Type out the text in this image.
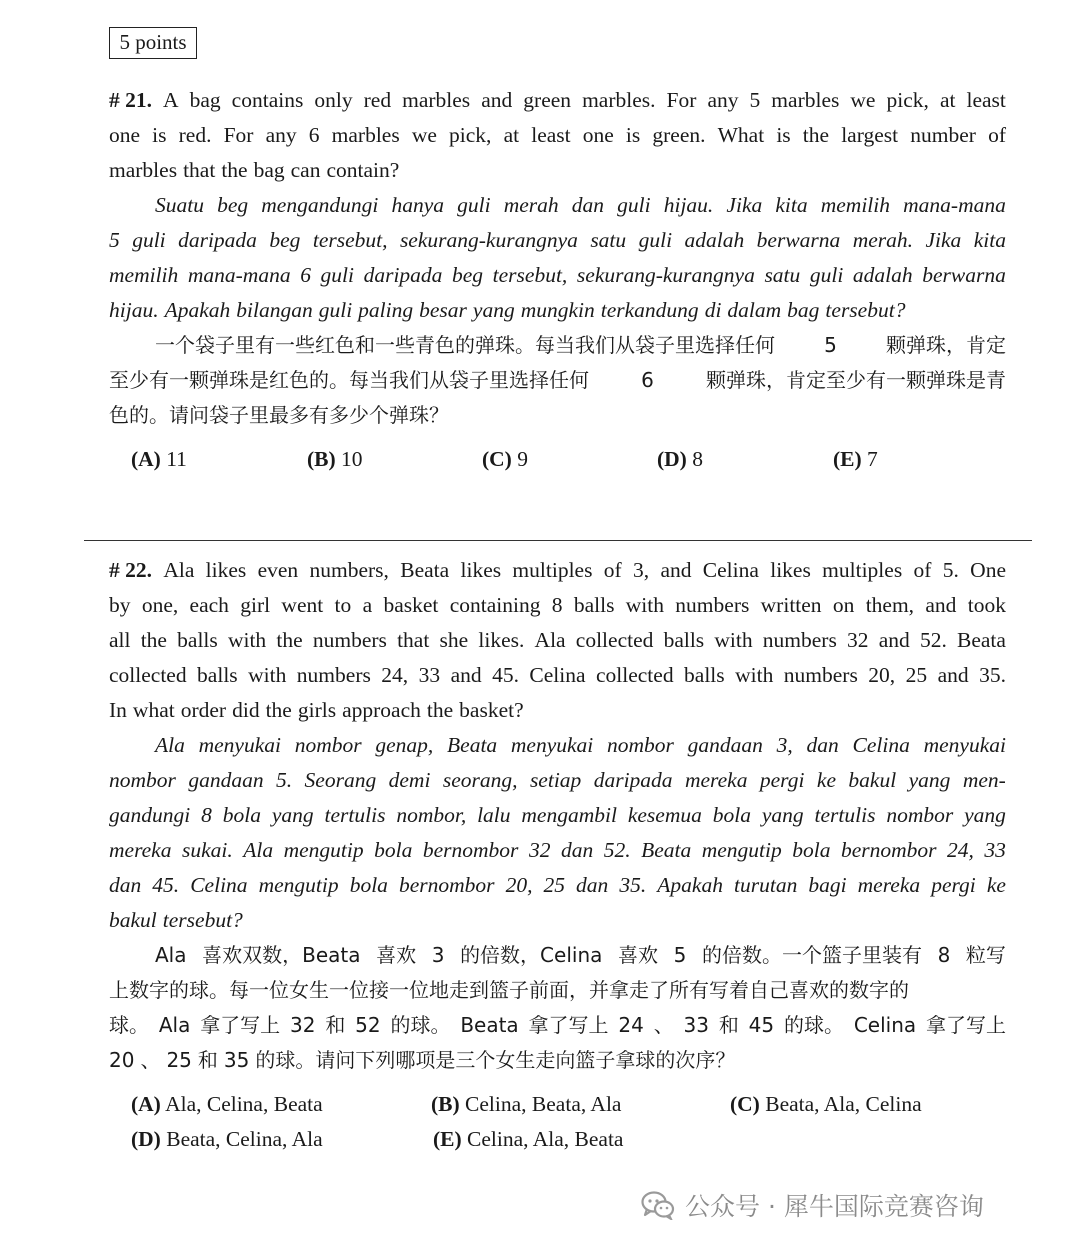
5 points
# 21. A bag contains only red marbles and green marbles. For any 5 marbles we pick, at least
one is red. For any 6 marbles we pick, at least one is green. What is the largest number of
marbles that the bag can contain?
Suatu beg mengandungi hanya guli merah dan guli hijau. Jika kita memilih mana-mana
5 guli daripada beg tersebut, sekurang-kurangnya satu guli adalah berwarna merah. Jika kita
memilih mana-mana 6 guli daripada beg tersebut, sekurang-kurangnya satu guli adalah berwarna
hijau. Apakah bilangan guli paling besar yang mungkin terkandung di dalam bag tersebut?
一个袋子里有一些红色和一些青色的弹珠。每当我们从袋子里选择任何 5 颗弹珠，肯定
至少有一颗弹珠是红色的。每当我们从袋子里选择任何	6	颗弹珠，肯定至少有一颗弹珠是青
色的。请问袋子里最多有多少个弹珠？
# 22. Ala likes even numbers, Beata likes multiples of 3, and Celina likes multiples of 5. One
by one, each girl went to a basket containing 8 balls with numbers written on them, and took
all the balls with the numbers that she likes. Ala collected balls with numbers 32 and 52. Beata
collected balls with numbers 24, 33 and 45. Celina collected balls with numbers 20, 25 and 35.
In what order did the girls approach the basket?
Ala menyukai nombor genap, Beata menyukai nombor gandaan 3, dan Celina menyukai
nombor gandaan 5. Seorang demi seorang, setiap daripada mereka pergi ke bakul yang men-
gandungi 8 bola yang tertulis nombor, lalu mengambil kesemua bola yang tertulis nombor yang
mereka sukai. Ala mengutip bola bernombor 32 dan 52. Beata mengutip bola bernombor 24, 33
dan 45. Celina mengutip bola bernombor 20, 25 dan 35. Apakah turutan bagi mereka pergi ke
bakul tersebut?
Ala 喜欢双数，Beata 喜欢 3 的倍数，Celina 喜欢 5 的倍数。一个篮子里装有 8 粒写
上数字的球。每一位女生一位接一位地走到篮子前面，并拿走了所有写着自己喜欢的数字的
球。 Ala 拿了写上 32 和 52 的球。 Beata 拿了写上 24 、 33 和 45 的球。 Celina 拿了写上
20 、 25 和 35 的球。请问下列哪项是三个女生走向篮子拿球的次序？
(A) 11	(B) 10	(C) 9	(D) 8	(E) 7
(A) Ala, Celina, Beata	(B) Celina, Beata, Ala	(C) Beata, Ala, Celina
(D) Beata, Celina, Ala	(E) Celina, Ala, Beata
公众号 · 犀牛国际竞赛咨询
